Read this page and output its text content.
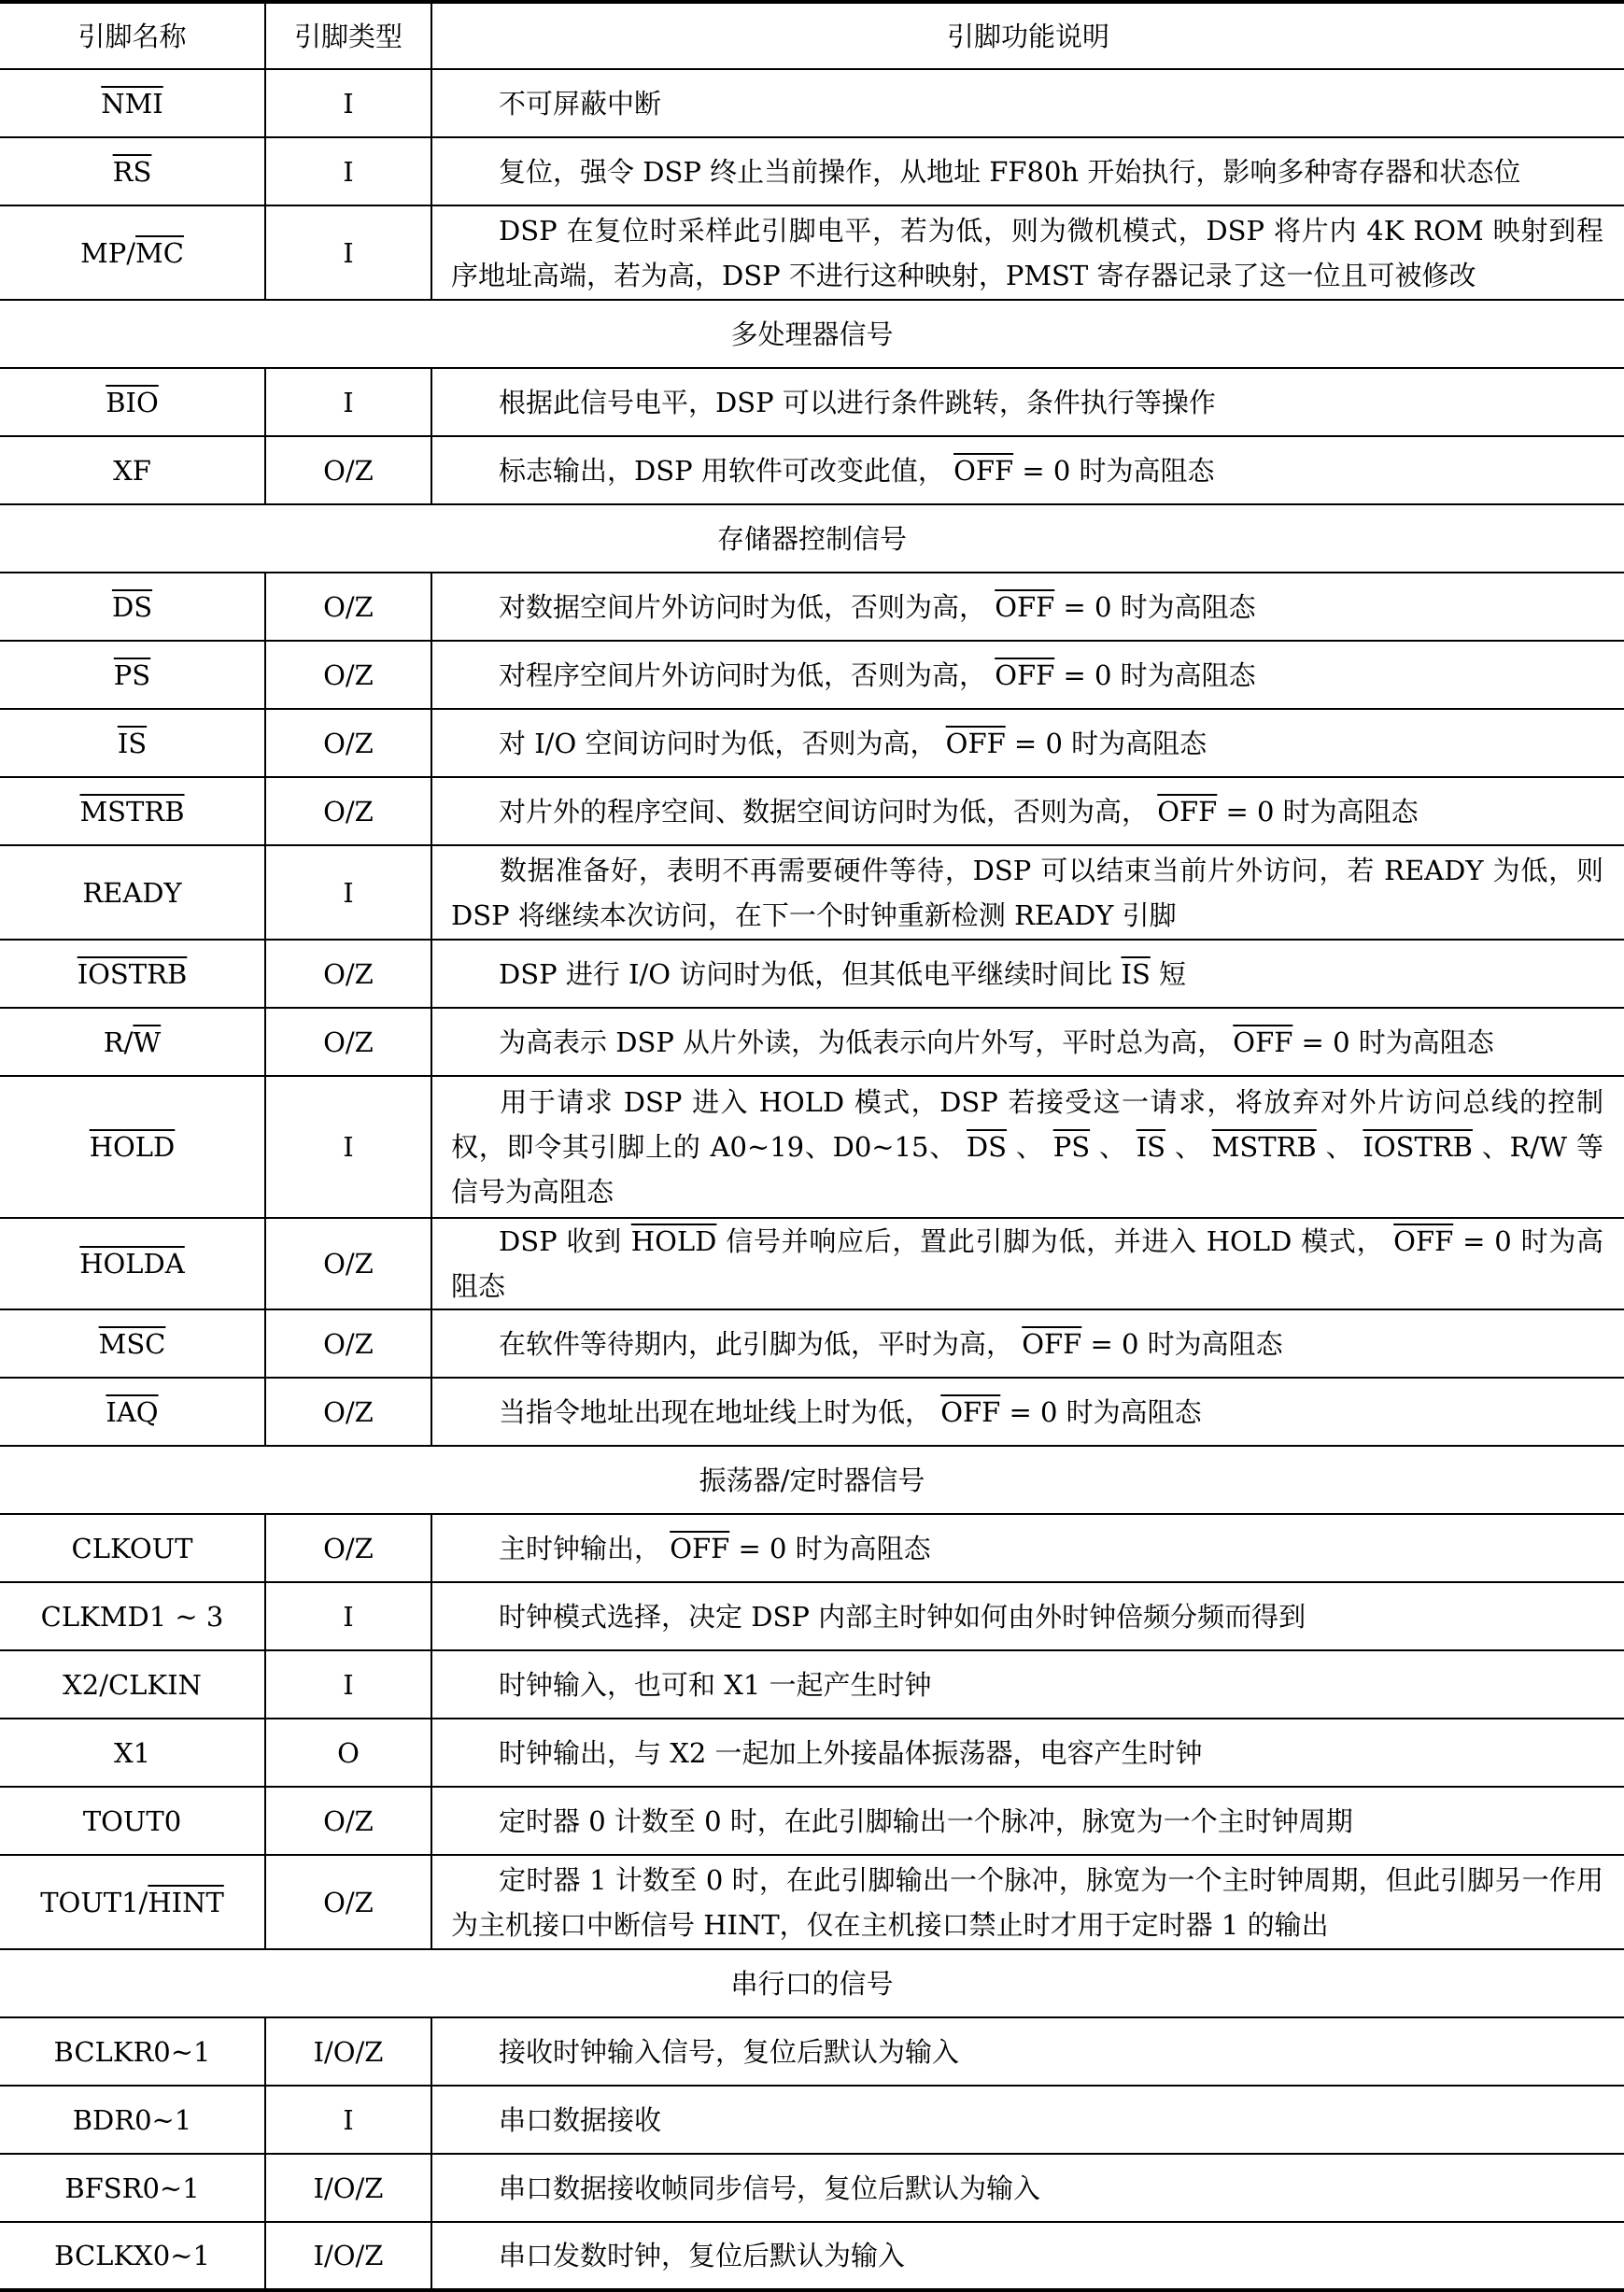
引脚名称	引脚类型	引脚功能说明
$\overline{NMI}$	I	不可屏蔽中断
$\overline{RS}$	I	复位，强令 DSP 终止当前操作，从地址 FF80h 开始执行，影响多种寄存器和状态位
$MP/\overline{MC}$	I	DSP 在复位时采样此引脚电平，若为低，则为微机模式，DSP 将片内 4K ROM 映射到程序地址高端，若为高，DSP 不进行这种映射，PMST 寄存器记录了这一位且可被修改
多处理器信号		
$\overline{BIO}$	I	根据此信号电平，DSP 可以进行条件跳转，条件执行等操作
XF	O/Z	标志输出，DSP 用软件可改变此值， $\overline{OFF} = 0$ 时为高阻态
存储器控制信号		
$\overline{DS}$	O/Z	对数据空间片外访问时为低，否则为高， $\overline{OFF} = 0$ 时为高阻态
$\overline{PS}$	O/Z	对程序空间片外访问时为低，否则为高， $\overline{OFF} = 0$ 时为高阻态
$\overline{IS}$	O/Z	对 I/O 空间访问时为低，否则为高， $\overline{OFF} = 0$ 时为高阻态
MSTRB	O/Z	对片外的程序空间、数据空间访问时为低，否则为高， $\overline{OFF} = 0$ 时为高阻态
READY	I	数据准备好，表明不再需要硬件等待，DSP 可以结束当前片外访问，若 READY 为低，则 DSP 将继续本次访问，在下一个时钟重新检测 READY 引脚
IOSTRB	O/Z	DSP 进行 I/O 访问时为低，但其低电平继续时间比 $\overline{IS}$ 短
$R/\overline{W}$	O/Z	为高表示 DSP 从片外读，为低表示向片外写，平时总为高， $\overline{OFF} = 0$ 时为高阻态
HOLD	I	用于请求 DSP 进入 HOLD 模式，DSP 若接受这一请求，将放弃对外片访问总线的控制权，即令其引脚上的 A0~19、D0~15、 $\overline{DS}$ 、 $\overline{PS}$ 、 $\overline{IS}$ 、 MSTRB 、 IOSTRB 、R/W 等信号为高阻态
HOLDA	O/Z	DSP 收到 HOLD 信号并响应后，置此引脚为低，并进入 HOLD 模式， $\overline{OFF} = 0$ 时为高阻态
$\overline{MSC}$	O/Z	在软件等待期内，此引脚为低，平时为高， $\overline{OFF} = 0$ 时为高阻态
$\overline{IAQ}$	O/Z	当指令地址出现在地址线上时为低， $\overline{OFF} = 0$ 时为高阻态
振荡器/定时器信号		
CLKOUT	O/Z	主时钟输出， $\overline{OFF} = 0$ 时为高阻态
CLKMD1 ~ 3	I	时钟模式选择，决定 DSP 内部主时钟如何由外时钟倍频分频而得到
X2/CLKIN	I	时钟输入，也可和 X1 一起产生时钟
X1	O	时钟输出，与 X2 一起加上外接晶体振荡器，电容产生时钟
TOUT0	O/Z	定时器 0 计数至 0 时，在此引脚输出一个脉冲，脉宽为一个主时钟周期
TOUT1/HINT	O/Z	定时器 1 计数至 0 时，在此引脚输出一个脉冲，脉宽为一个主时钟周期，但此引脚另一作用为主机接口中断信号 HINT，仅在主机接口禁止时才用于定时器 1 的输出
串行口的信号		
BCLKR0~1	I/O/Z	接收时钟输入信号，复位后默认为输入
BDR0~1	I	串口数据接收
BFSR0~1	I/O/Z	串口数据接收帧同步信号，复位后默认为输入
BCLKX0~1	I/O/Z	串口发数时钟，复位后默认为输入
